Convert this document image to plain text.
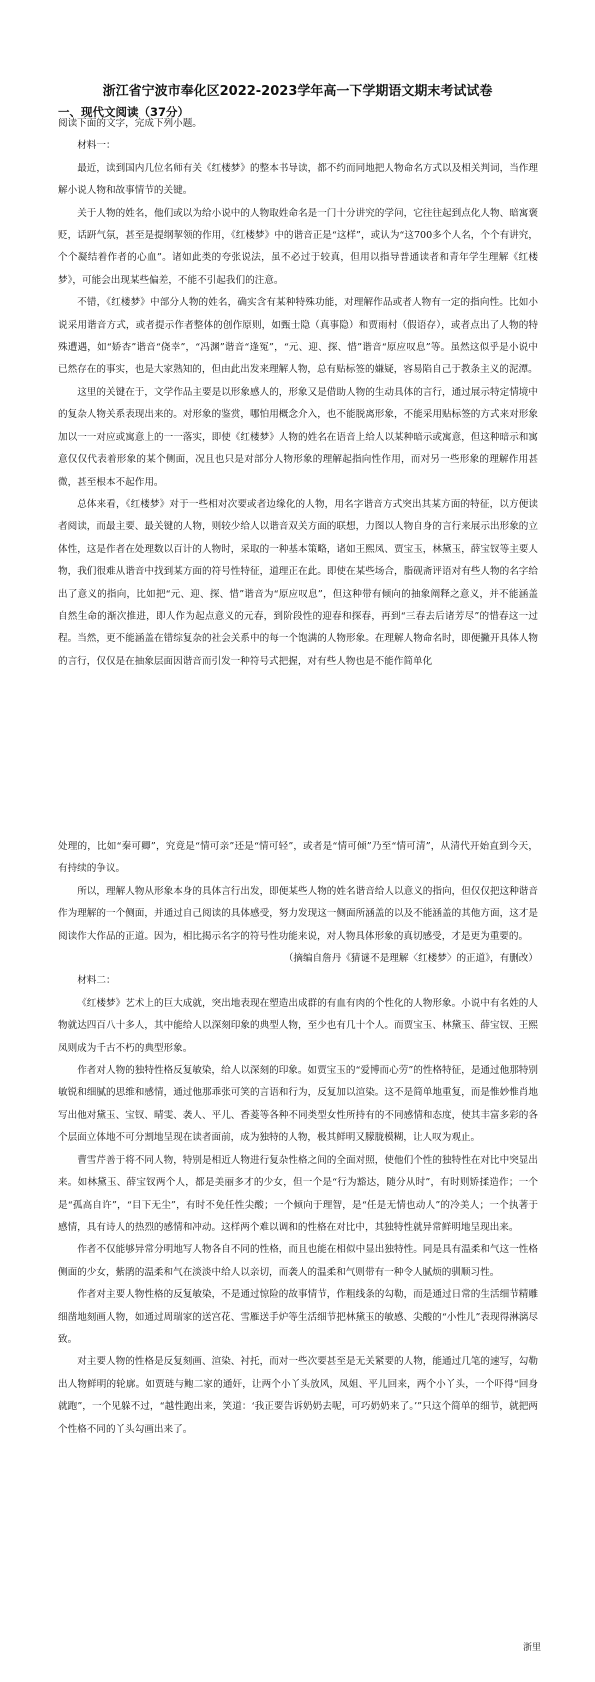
浙江省宁波市奉化区2022-2023学年高一下学期语文期末考试试卷
一、现代文阅读（37分）

阅读下面的文字，完成下列小题。

材料一：

最近，读到国内几位名师有关《红楼梦》的整本书导读，都不约而同地把人物命名方式以及相关判词，当作理解小说人物和故事情节的关键。

关于人物的姓名，他们或以为给小说中的人物取姓命名是一门十分讲究的学问，它往往起到点化人物、暗寓褒贬，话趼气氛，甚至是提纲挈领的作用，《红楼梦》中的谐音正是“这样”，或认为“这700多个人名，个个有讲究，个个凝结着作者的心血”。诸如此类的夸张说法，虽不必过于较真，但用以指导普通读者和青年学生理解《红楼梦》，可能会出现某些偏差，不能不引起我们的注意。

不错，《红楼梦》中部分人物的姓名，确实含有某种特殊功能，对理解作品或者人物有一定的指向性。比如小说采用谐音方式，或者提示作者整体的创作原则，如甄士隐（真事隐）和贾雨村（假语存），或者点出了人物的特殊遭遇，如“娇杏”谐音“侥幸”，“冯渊”谐音“逢冤”，“元、迎、探、惜”谐音“原应叹息”等。虽然这似乎是小说中已然存在的事实，也是大家熟知的，但由此出发来理解人物，总有贴标签的嫌疑，容易陷自己于教条主义的泥潭。

这里的关键在于，文学作品主要是以形象感人的，形象又是借助人物的生动具体的言行，通过展示特定情境中的复杂人物关系表现出来的。对形象的鉴赏，哪怕用概念介入，也不能脱离形象，不能采用贴标签的方式来对形象加以一一对应或寓意上的一一落实，即使《红楼梦》人物的姓名在语音上给人以某种暗示或寓意，但这种暗示和寓意仅仅代表着形象的某个侧面，况且也只是对部分人物形象的理解起指向性作用，而对另一些形象的理解作用甚微，甚至根本不起作用。

总体来看，《红楼梦》对于一些相对次要或者边缘化的人物，用名字谐音方式突出其某方面的特征，以方便读者阅读，而最主要、最关键的人物，则较少给人以谐音双关方面的联想，力图以人物自身的言行来展示出形象的立体性，这是作者在处理数以百计的人物时，采取的一种基本策略，诸如王熙凤、贾宝玉，林黛玉，薛宝钗等主要人物，我们很难从谐音中找到某方面的符号性特征，道理正在此。即使在某些场合，脂砚斋评语对有些人物的名字给出了意义的指向，比如把“元、迎、探、惜”谐音为“原应叹息”，但这种带有倾向的抽象阐释之意义，并不能涵盖自然生命的渐次推进，即人作为起点意义的元春，到阶段性的迎春和探春，再到“三春去后诸芳尽”的惜春这一过程。当然，更不能涵盖在错综复杂的社会关系中的每一个饱满的人物形象。在理解人物命名时，即便撇开具体人物的言行，仅仅是在抽象层面因谐音而引发一种符号式把握，对有些人物也是不能作简单化

处理的，比如“秦可卿”，究竟是“情可亲”还是“情可轻”，或者是“情可倾”乃至“情可清”，从清代开始直到今天，有持续的争议。

所以，理解人物从形象本身的具体言行出发，即便某些人物的姓名谐音给人以意义的指向，但仅仅把这种谐音作为理解的一个侧面，并通过自己阅读的具体感受，努力发现这一侧面所涵盖的以及不能涵盖的其他方面，这才是阅读作大作品的正道。因为，相比揭示名字的符号性功能来说，对人物具体形象的真切感受，才是更为重要的。

（摘编自詹丹《猜谜不是理解〈红楼梦〉的正道》，有删改）

材料二：

《红楼梦》艺术上的巨大成就，突出地表现在塑造出成群的有血有肉的个性化的人物形象。小说中有名姓的人物就达四百八十多人，其中能给人以深刻印象的典型人物，至少也有几十个人。而贾宝玉、林黛玉、薛宝钗、王熙凤则成为千古不朽的典型形象。

作者对人物的独特性格反复敏染，给人以深刻的印象。如贾宝玉的“爱博而心劳”的性格特征，是通过他那特别敏锐和细腻的思维和感情，通过他那乖张可笑的言语和行为，反复加以渲染。这不是简单地重复，而是惟妙惟肖地写出他对黛玉、宝钗、晴雯、袭人、平儿、香菱等各种不同类型女性所持有的不同感情和态度，使其丰富多彩的各个层面立体地不可分割地呈现在读者面前，成为独特的人物，极其鲜明又朦胧模糊，让人叹为观止。

曹雪芹善于将不同人物，特别是相近人物进行复杂性格之间的全面对照，使他们个性的独特性在对比中突显出来。如林黛玉、薛宝钗两个人，都是美丽多才的少女，但一个是“行为豁达，随分从时”，有时则矫揉造作；一个是“孤高自许”，“目下无尘”，有时不免任性尖酸；一个倾向于理智，是“任是无情也动人”的冷美人；一个执著于感情，具有诗人的热烈的感情和冲动。这样两个难以调和的性格在对比中，其独特性就异常鲜明地呈现出来。

作者不仅能够异常分明地写人物各自不同的性格，而且也能在相似中显出独特性。同是具有温柔和气这一性格侧面的少女，紫鹃的温柔和气在淡淡中给人以亲切，而袭人的温柔和气则带有一种令人腻烦的驯顺习性。

作者对主要人物性格的反复敏染，不是通过惊险的故事情节，作粗线条的勾勒，而是通过日常的生活细节精雕细凿地刻画人物，如通过周瑞家的送宫花、雪雁送手炉等生活细节把林黛玉的敏感、尖酸的“小性儿”表现得淋漓尽致。

对主要人物的性格是反复刻画、渲染、衬托，而对一些次要甚至是无关紧要的人物，能通过几笔的速写，勾勒出人物鲜明的轮廓。如贾琏与鲍二家的通奸，让两个小丫头放风，凤姐、平儿回来，两个小丫头，一个吓得“回身就跑”，一个见躲不过，“越性跑出来，笑道：‘我正要告诉奶奶去呢，可巧奶奶来了。’”只这个简单的细节，就把两个性格不同的丫头勾画出来了。

浙里
